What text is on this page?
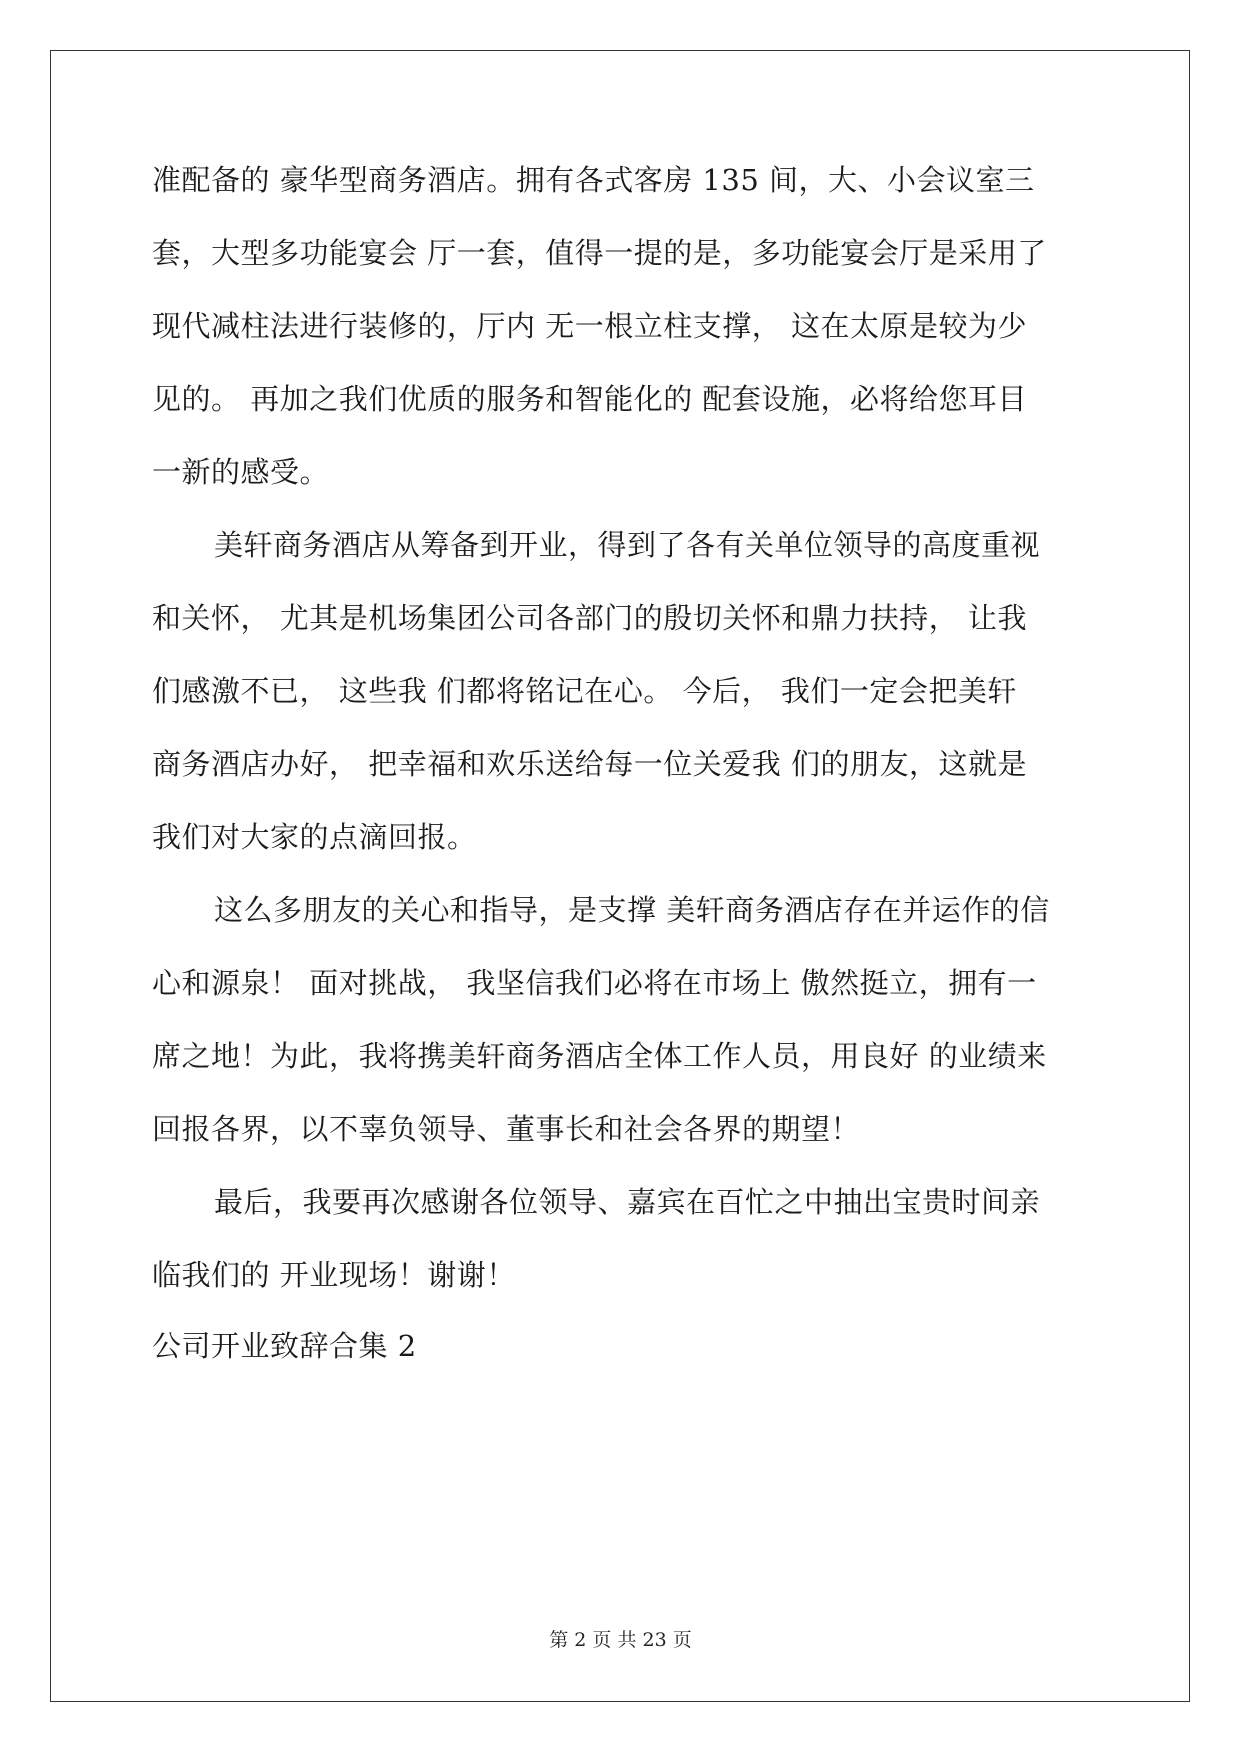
准配备的 豪华型商务酒店。拥有各式客房 135 间，大、小会议室三
套，大型多功能宴会 厅一套，值得一提的是，多功能宴会厅是采用了
现代减柱法进行装修的，厅内 无一根立柱支撑， 这在太原是较为少
见的。 再加之我们优质的服务和智能化的 配套设施，必将给您耳目
一新的感受。
美轩商务酒店从筹备到开业，得到了各有关单位领导的高度重视
和关怀， 尤其是机场集团公司各部门的殷切关怀和鼎力扶持， 让我
们感激不已， 这些我 们都将铭记在心。 今后， 我们一定会把美轩
商务酒店办好， 把幸福和欢乐送给每一位关爱我 们的朋友，这就是
我们对大家的点滴回报。
这么多朋友的关心和指导，是支撑 美轩商务酒店存在并运作的信
心和源泉！ 面对挑战， 我坚信我们必将在市场上 傲然挺立，拥有一
席之地！为此，我将携美轩商务酒店全体工作人员，用良好 的业绩来
回报各界，以不辜负领导、董事长和社会各界的期望！
最后，我要再次感谢各位领导、嘉宾在百忙之中抽出宝贵时间亲
临我们的 开业现场！谢谢！
公司开业致辞合集 2
第 2 页 共 23 页
